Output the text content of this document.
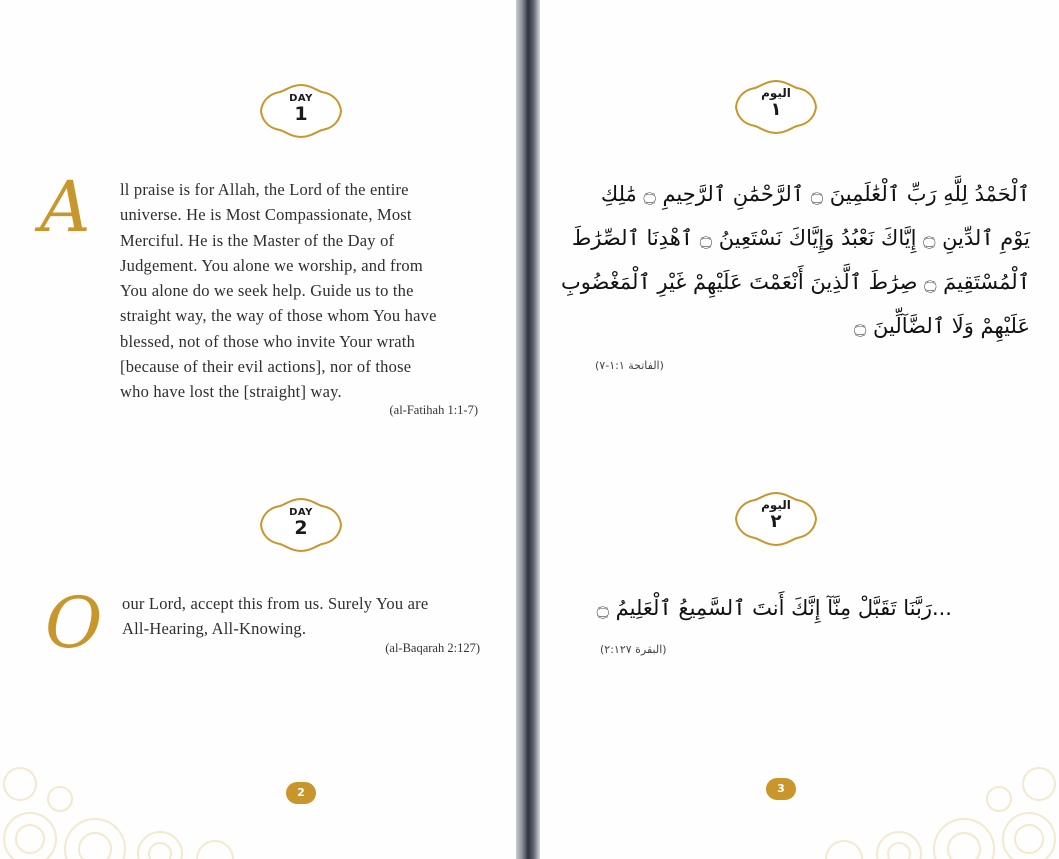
DAY
1
A ll praise is for Allah, the Lord of the entire
universe. He is Most Compassionate, Most
Merciful. He is the Master of the Day of
Judgement. You alone we worship, and from
You alone do we seek help. Guide us to the
straight way, the way of those whom You have
blessed, not of those who invite Your wrath
[because of their evil actions], nor of those
who have lost the [straight] way.
(al-Fatihah 1:1-7)
DAY
2
O our Lord, accept this from us. Surely You are
All-Hearing, All-Knowing.
(al-Baqarah 2:127)
2
اليوم
١
ٱلْحَمْدُ لِلَّهِ رَبِّ ٱلْعَٰلَمِينَ ۝ ٱلرَّحْمَٰنِ ٱلرَّحِيمِ ۝ مَٰلِكِ
يَوْمِ ٱلدِّينِ ۝ إِيَّاكَ نَعْبُدُ وَإِيَّاكَ نَسْتَعِينُ ۝ ٱهْدِنَا ٱلصِّرَٰطَ
ٱلْمُسْتَقِيمَ ۝ صِرَٰطَ ٱلَّذِينَ أَنْعَمْتَ عَلَيْهِمْ غَيْرِ ٱلْمَغْضُوبِ
عَلَيْهِمْ وَلَا ٱلضَّآلِّينَ ۝
(الفاتحة ١:١-٧)
اليوم
٢
...رَبَّنَا تَقَبَّلْ مِنَّآ إِنَّكَ أَنتَ ٱلسَّمِيعُ ٱلْعَلِيمُ ۝
(البقرة ٢:١٢٧)
3
